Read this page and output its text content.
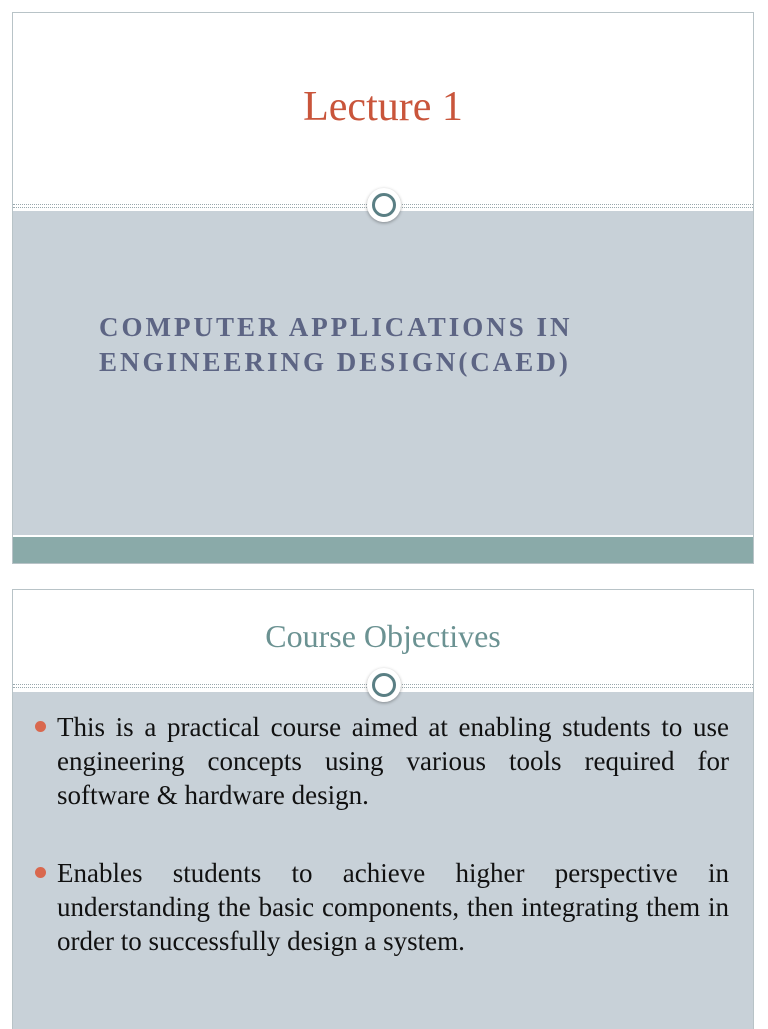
Lecture 1

COMPUTER APPLICATIONS IN
ENGINEERING DESIGN(CAED)

Course Objectives
This is a practical course aimed at enabling students to use engineering concepts using various tools required for software & hardware design.
Enables students to achieve higher perspective in understanding the basic components, then integrating them in order to successfully design a system.
